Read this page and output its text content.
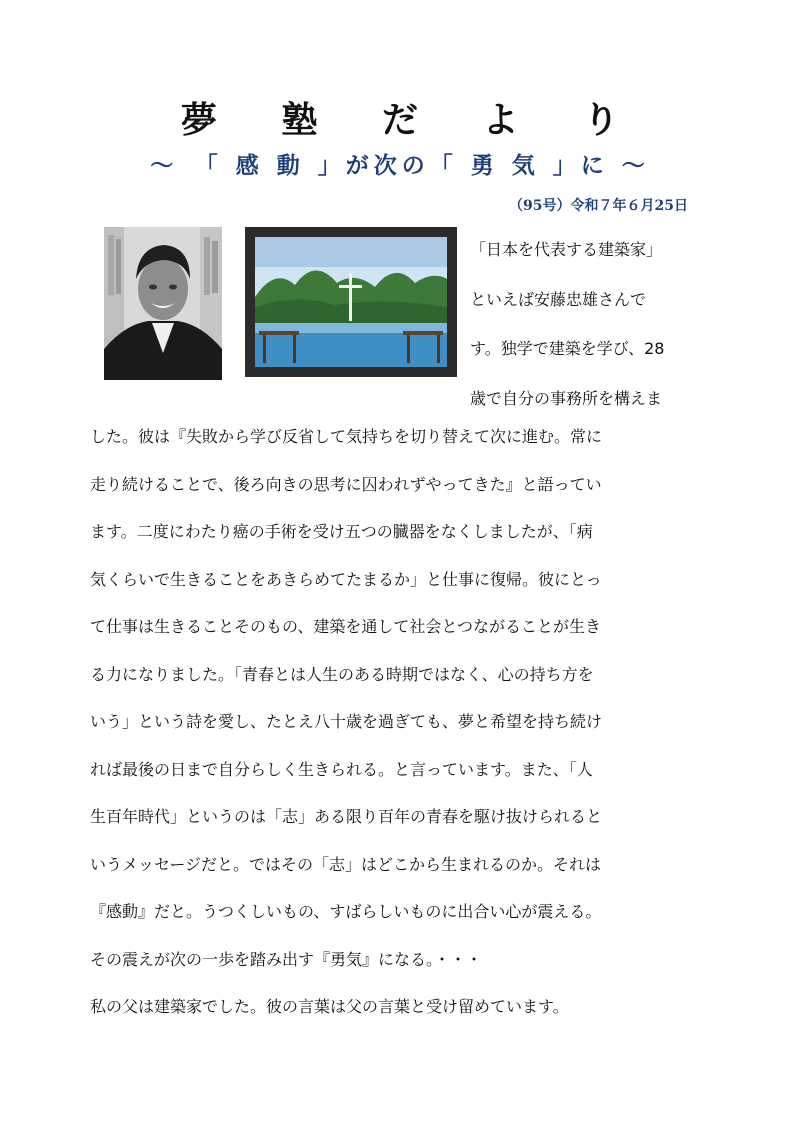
夢 塾 だ よ り
～　「 感 動 」が次の「 勇 気 」に ～
（95号）令和７年６月25日

「日本を代表する建築家」
といえば安藤忠雄さんで
す。独学で建築を学び、28
歳で自分の事務所を構えま

した。彼は『失敗から学び反省して気持ちを切り替えて次に進む。常に
走り続けることで、後ろ向きの思考に囚われずやってきた』と語ってい
ます。二度にわたり癌の手術を受け五つの臓器をなくしましたが、「病
気くらいで生きることをあきらめてたまるか」と仕事に復帰。彼にとっ
て仕事は生きることそのもの、建築を通して社会とつながることが生き
る力になりました。「青春とは人生のある時期ではなく、心の持ち方を
いう」という詩を愛し、たとえ八十歳を過ぎても、夢と希望を持ち続け
れば最後の日まで自分らしく生きられる。と言っています。また、「人
生百年時代」というのは「志」ある限り百年の青春を駆け抜けられると
いうメッセージだと。ではその「志」はどこから生まれるのか。それは
『感動』だと。うつくしいもの、すばらしいものに出合い心が震える。
その震えが次の一歩を踏み出す『勇気』になる。・・・
私の父は建築家でした。彼の言葉は父の言葉と受け留めています。
